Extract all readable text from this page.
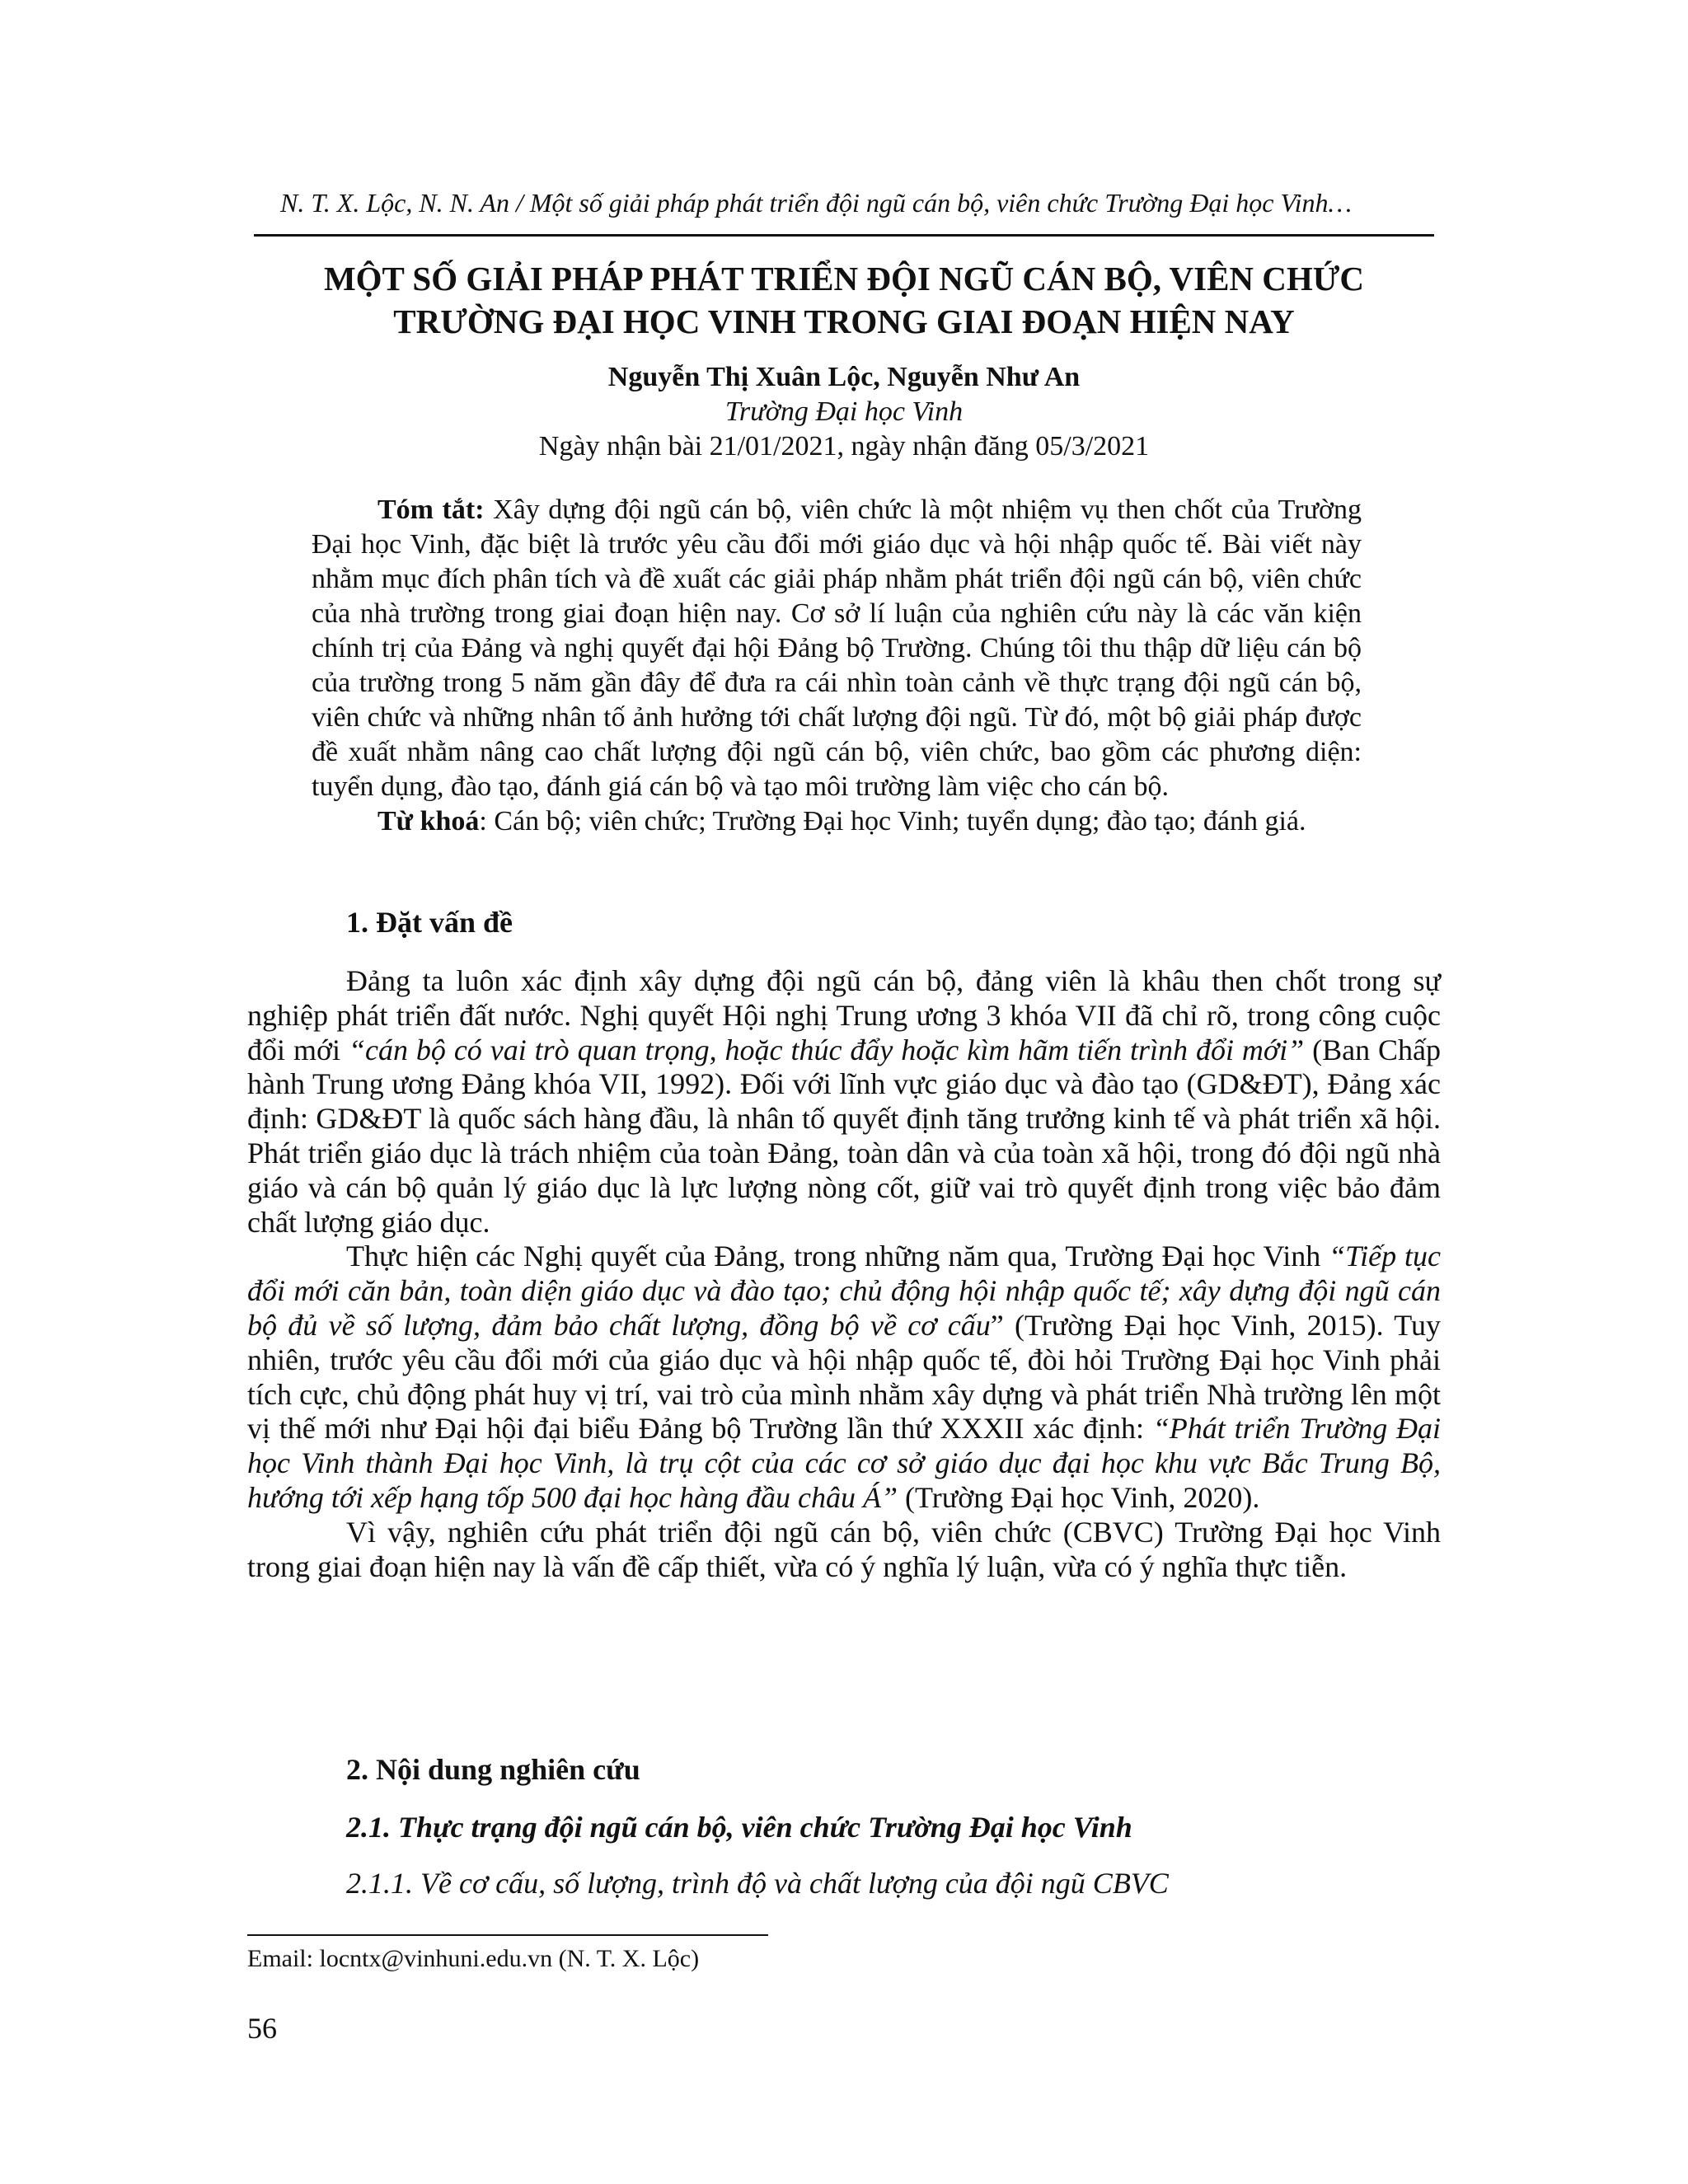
N. T. X. Lộc, N. N. An / Một số giải pháp phát triển đội ngũ cán bộ, viên chức Trường Đại học Vinh…
MỘT SỐ GIẢI PHÁP PHÁT TRIỂN ĐỘI NGŨ CÁN BỘ, VIÊN CHỨC
TRƯỜNG ĐẠI HỌC VINH TRONG GIAI ĐOẠN HIỆN NAY
Nguyễn Thị Xuân Lộc, Nguyễn Như An
Trường Đại học Vinh
Ngày nhận bài 21/01/2021, ngày nhận đăng 05/3/2021

Tóm tắt: Xây dựng đội ngũ cán bộ, viên chức là một nhiệm vụ then chốt của Trường Đại học Vinh, đặc biệt là trước yêu cầu đổi mới giáo dục và hội nhập quốc tế. Bài viết này nhằm mục đích phân tích và đề xuất các giải pháp nhằm phát triển đội ngũ cán bộ, viên chức của nhà trường trong giai đoạn hiện nay. Cơ sở lí luận của nghiên cứu này là các văn kiện chính trị của Đảng và nghị quyết đại hội Đảng bộ Trường. Chúng tôi thu thập dữ liệu cán bộ của trường trong 5 năm gần đây để đưa ra cái nhìn toàn cảnh về thực trạng đội ngũ cán bộ, viên chức và những nhân tố ảnh hưởng tới chất lượng đội ngũ. Từ đó, một bộ giải pháp được đề xuất nhằm nâng cao chất lượng đội ngũ cán bộ, viên chức, bao gồm các phương diện: tuyển dụng, đào tạo, đánh giá cán bộ và tạo môi trường làm việc cho cán bộ.

Từ khoá: Cán bộ; viên chức; Trường Đại học Vinh; tuyển dụng; đào tạo; đánh giá.

1. Đặt vấn đề

Đảng ta luôn xác định xây dựng đội ngũ cán bộ, đảng viên là khâu then chốt trong sự nghiệp phát triển đất nước. Nghị quyết Hội nghị Trung ương 3 khóa VII đã chỉ rõ, trong công cuộc đổi mới “cán bộ có vai trò quan trọng, hoặc thúc đẩy hoặc kìm hãm tiến trình đổi mới” (Ban Chấp hành Trung ương Đảng khóa VII, 1992). Đối với lĩnh vực giáo dục và đào tạo (GD&ĐT), Đảng xác định: GD&ĐT là quốc sách hàng đầu, là nhân tố quyết định tăng trưởng kinh tế và phát triển xã hội. Phát triển giáo dục là trách nhiệm của toàn Đảng, toàn dân và của toàn xã hội, trong đó đội ngũ nhà giáo và cán bộ quản lý giáo dục là lực lượng nòng cốt, giữ vai trò quyết định trong việc bảo đảm chất lượng giáo dục.

Thực hiện các Nghị quyết của Đảng, trong những năm qua, Trường Đại học Vinh “Tiếp tục đổi mới căn bản, toàn diện giáo dục và đào tạo; chủ động hội nhập quốc tế; xây dựng đội ngũ cán bộ đủ về số lượng, đảm bảo chất lượng, đồng bộ về cơ cấu” (Trường Đại học Vinh, 2015). Tuy nhiên, trước yêu cầu đổi mới của giáo dục và hội nhập quốc tế, đòi hỏi Trường Đại học Vinh phải tích cực, chủ động phát huy vị trí, vai trò của mình nhằm xây dựng và phát triển Nhà trường lên một vị thế mới như Đại hội đại biểu Đảng bộ Trường lần thứ XXXII xác định: “Phát triển Trường Đại học Vinh thành Đại học Vinh, là trụ cột của các cơ sở giáo dục đại học khu vực Bắc Trung Bộ, hướng tới xếp hạng tốp 500 đại học hàng đầu châu Á” (Trường Đại học Vinh, 2020).

Vì vậy, nghiên cứu phát triển đội ngũ cán bộ, viên chức (CBVC) Trường Đại học Vinh trong giai đoạn hiện nay là vấn đề cấp thiết, vừa có ý nghĩa lý luận, vừa có ý nghĩa thực tiễn.

2. Nội dung nghiên cứu
2.1. Thực trạng đội ngũ cán bộ, viên chức Trường Đại học Vinh
2.1.1. Về cơ cấu, số lượng, trình độ và chất lượng của đội ngũ CBVC
Email: locntx@vinhuni.edu.vn (N. T. X. Lộc)
56
